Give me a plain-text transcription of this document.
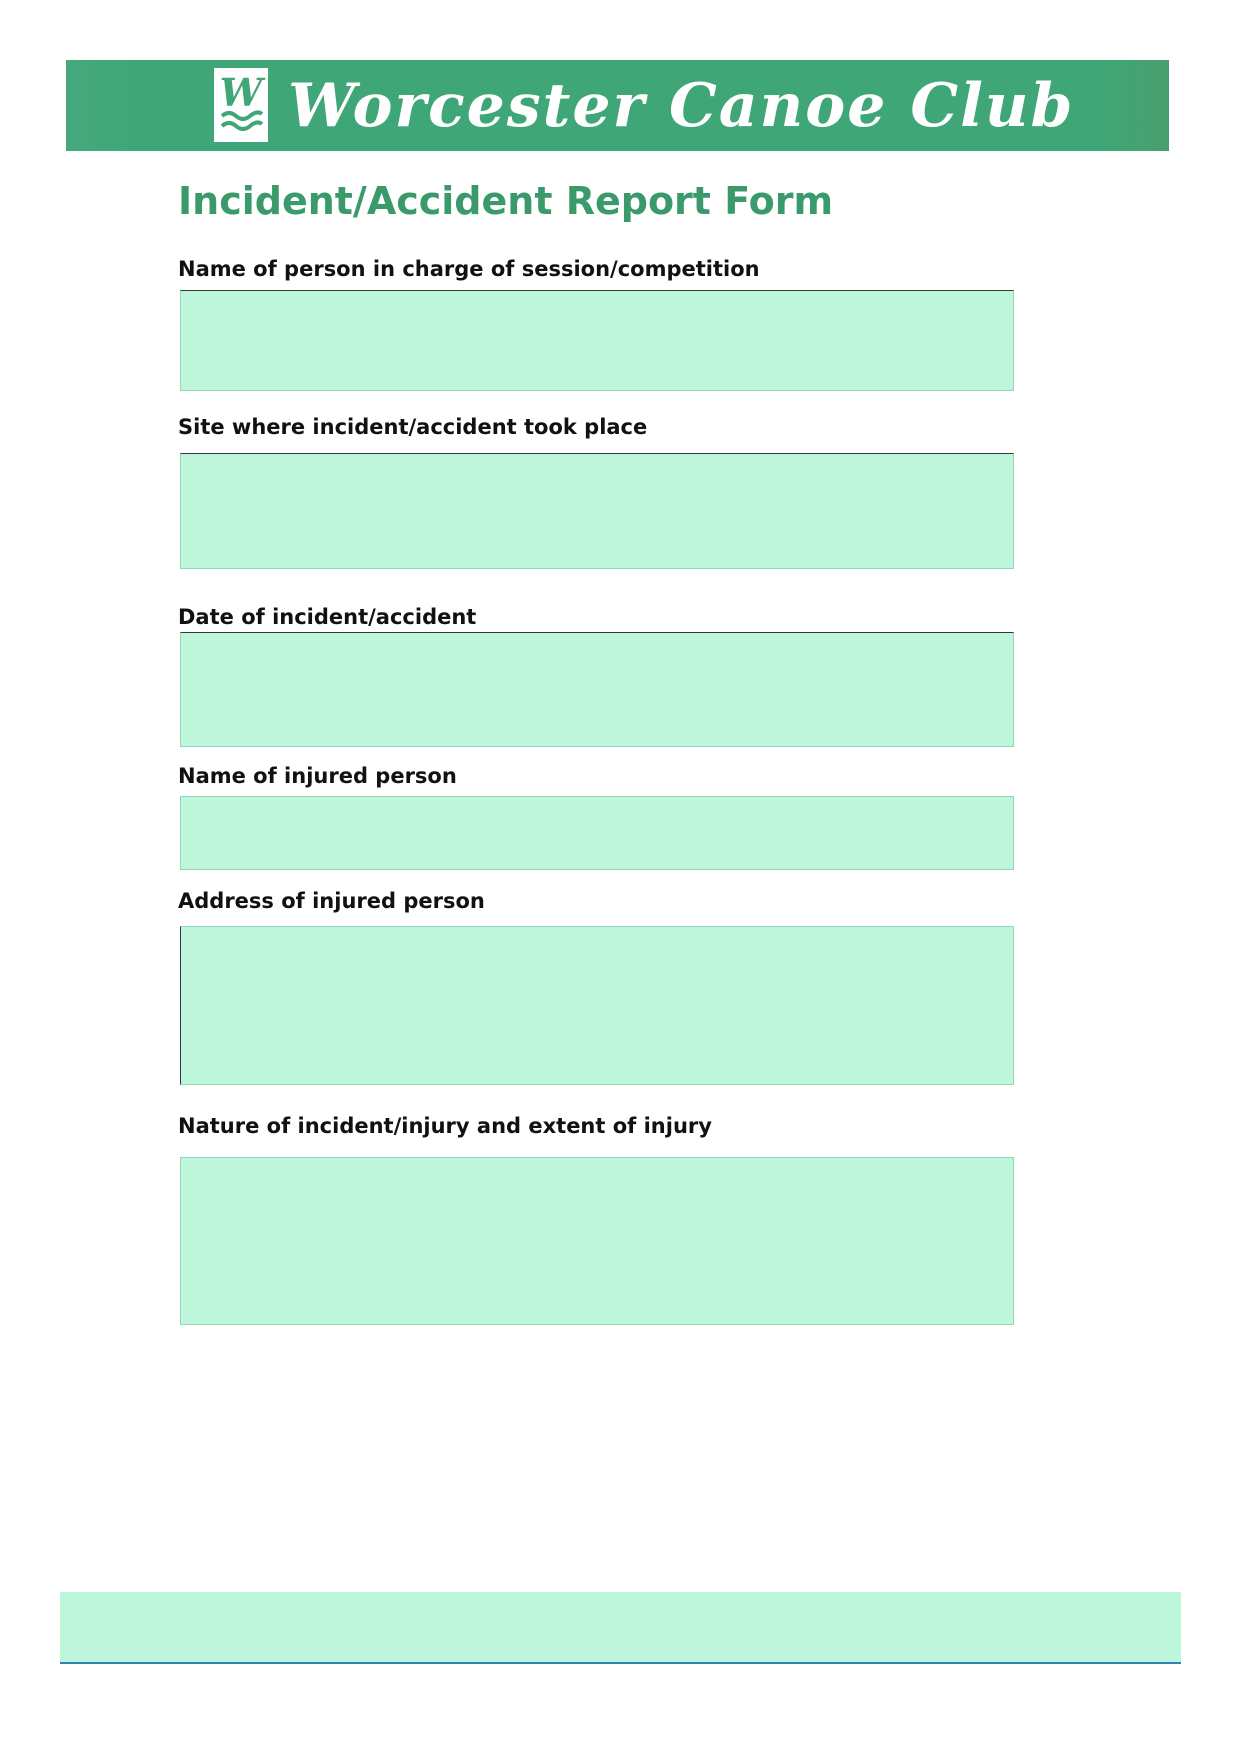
W Worcester Canoe Club
Incident/Accident Report Form
Name of person in charge of session/competition
Site where incident/accident took place
Date of incident/accident
Name of injured person
Address of injured person
Nature of incident/injury and extent of injury
